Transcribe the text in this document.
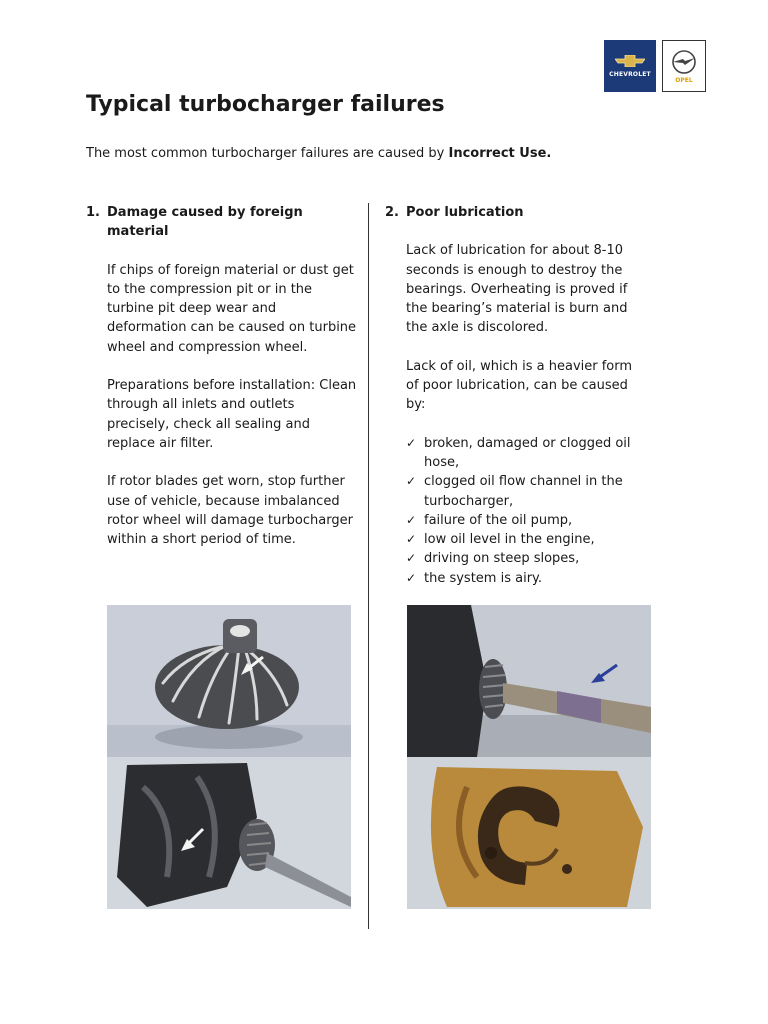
CHEVROLET
OPEL
Typical turbocharger failures

The most common turbocharger failures are caused by Incorrect Use.

1. Damage caused by foreign material

If chips of foreign material or dust get to the compression pit or in the turbine pit deep wear and deformation can be caused on turbine wheel and compression wheel.

Preparations before installation: Clean through all inlets and outlets precisely, check all sealing and replace air filter.

If rotor blades get worn, stop further use of vehicle, because imbalanced rotor wheel will damage turbocharger within a short period of time.

2. Poor lubrication

Lack of lubrication for about 8-10 seconds is enough to destroy the bearings. Overheating is proved if the bearing’s material is burn and the axle is discolored.

Lack of oil, which is a heavier form of poor lubrication, can be caused by:

✓ broken, damaged or clogged oil hose,
✓ clogged oil flow channel in the turbocharger,
✓ failure of the oil pump,
✓ low oil level in the engine,
✓ driving on steep slopes,
✓ the system is airy.
